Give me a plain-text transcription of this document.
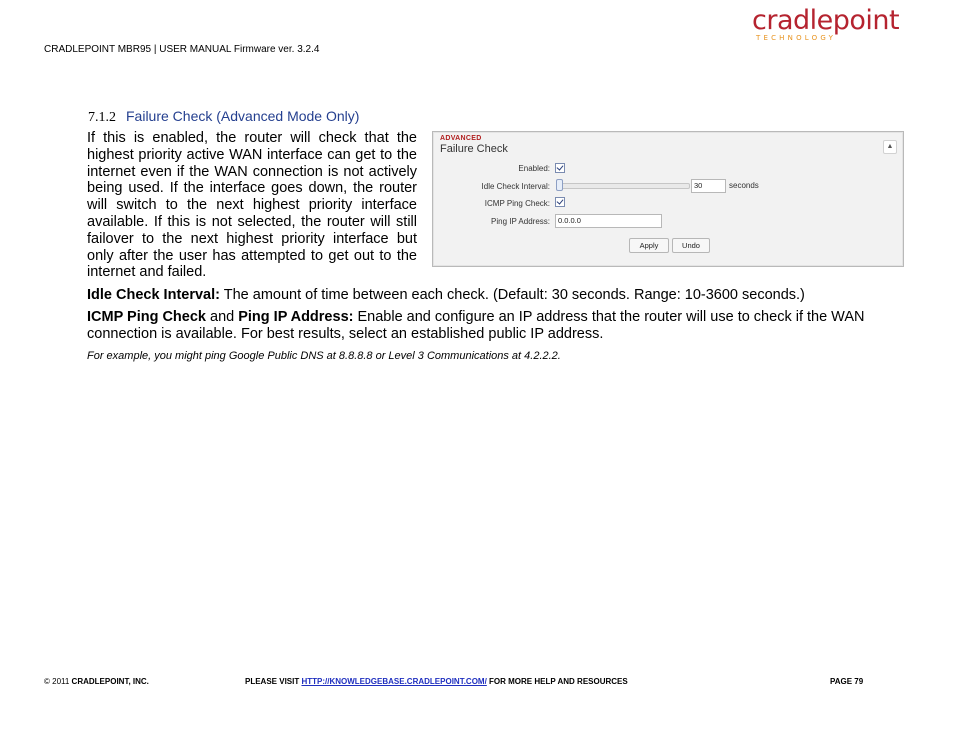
cradlepoint
TECHNOLOGY
CRADLEPOINT MBR95 | USER MANUAL Firmware ver. 3.2.4
7.1.2 Failure Check (Advanced Mode Only)
If this is enabled, the router will check that the highest priority active WAN interface can get to the internet even if the WAN connection is not actively being used. If the interface goes down, the router will switch to the next highest priority interface available. If this is not selected, the router will still failover to the next highest priority interface but only after the user has attempted to get out to the internet and failed.
ADVANCED
Failure Check	▲
Enabled:
Idle Check Interval:
30	seconds
ICMP Ping Check:
Ping IP Address:
0.0.0.0
Apply	Undo
Idle Check Interval: The amount of time between each check. (Default: 30 seconds. Range: 10-3600 seconds.)
ICMP Ping Check and Ping IP Address: Enable and configure an IP address that the router will use to check if the WAN connection is available. For best results, select an established public IP address.
For example, you might ping Google Public DNS at 8.8.8.8 or Level 3 Communications at 4.2.2.2.
© 2011 CRADLEPOINT, INC.	PLEASE VISIT HTTP://KNOWLEDGEBASE.CRADLEPOINT.COM/ FOR MORE HELP AND RESOURCES	PAGE 79
